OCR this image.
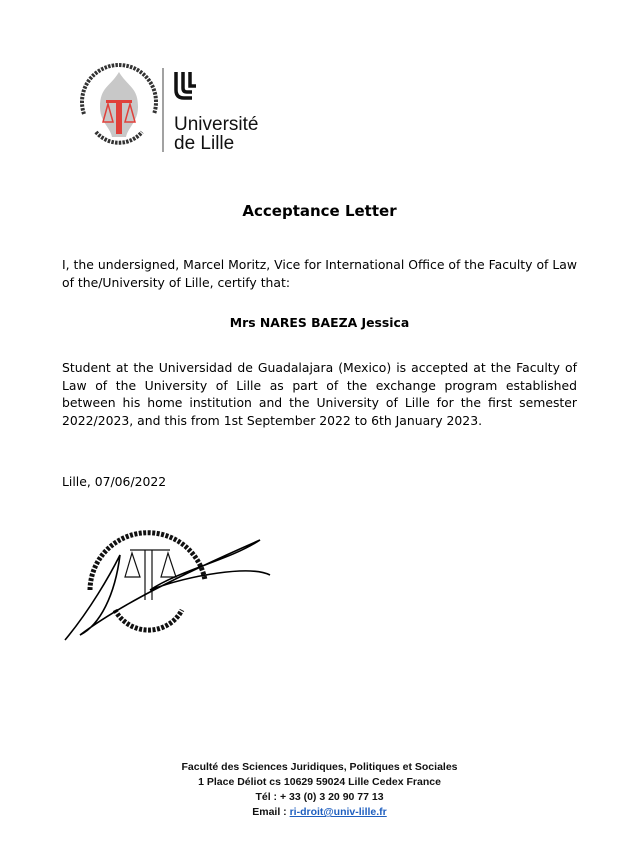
Université
de Lille
Acceptance Letter
I, the undersigned, Marcel Moritz, Vice for International Office of the Faculty of Law of the/University of Lille, certify that:
Mrs NARES BAEZA Jessica
Student at the Universidad de Guadalajara (Mexico) is accepted at the Faculty of Law of the University of Lille as part of the exchange program established between his home institution and the University of Lille for the first semester 2022/2023, and this from 1st September 2022 to 6th January 2023.
Lille, 07/06/2022
Faculté des Sciences Juridiques, Politiques et Sociales
1 Place Déliot cs 10629 59024 Lille Cedex France
Tél : + 33 (0) 3 20 90 77 13
Email : ri-droit@univ-lille.fr
